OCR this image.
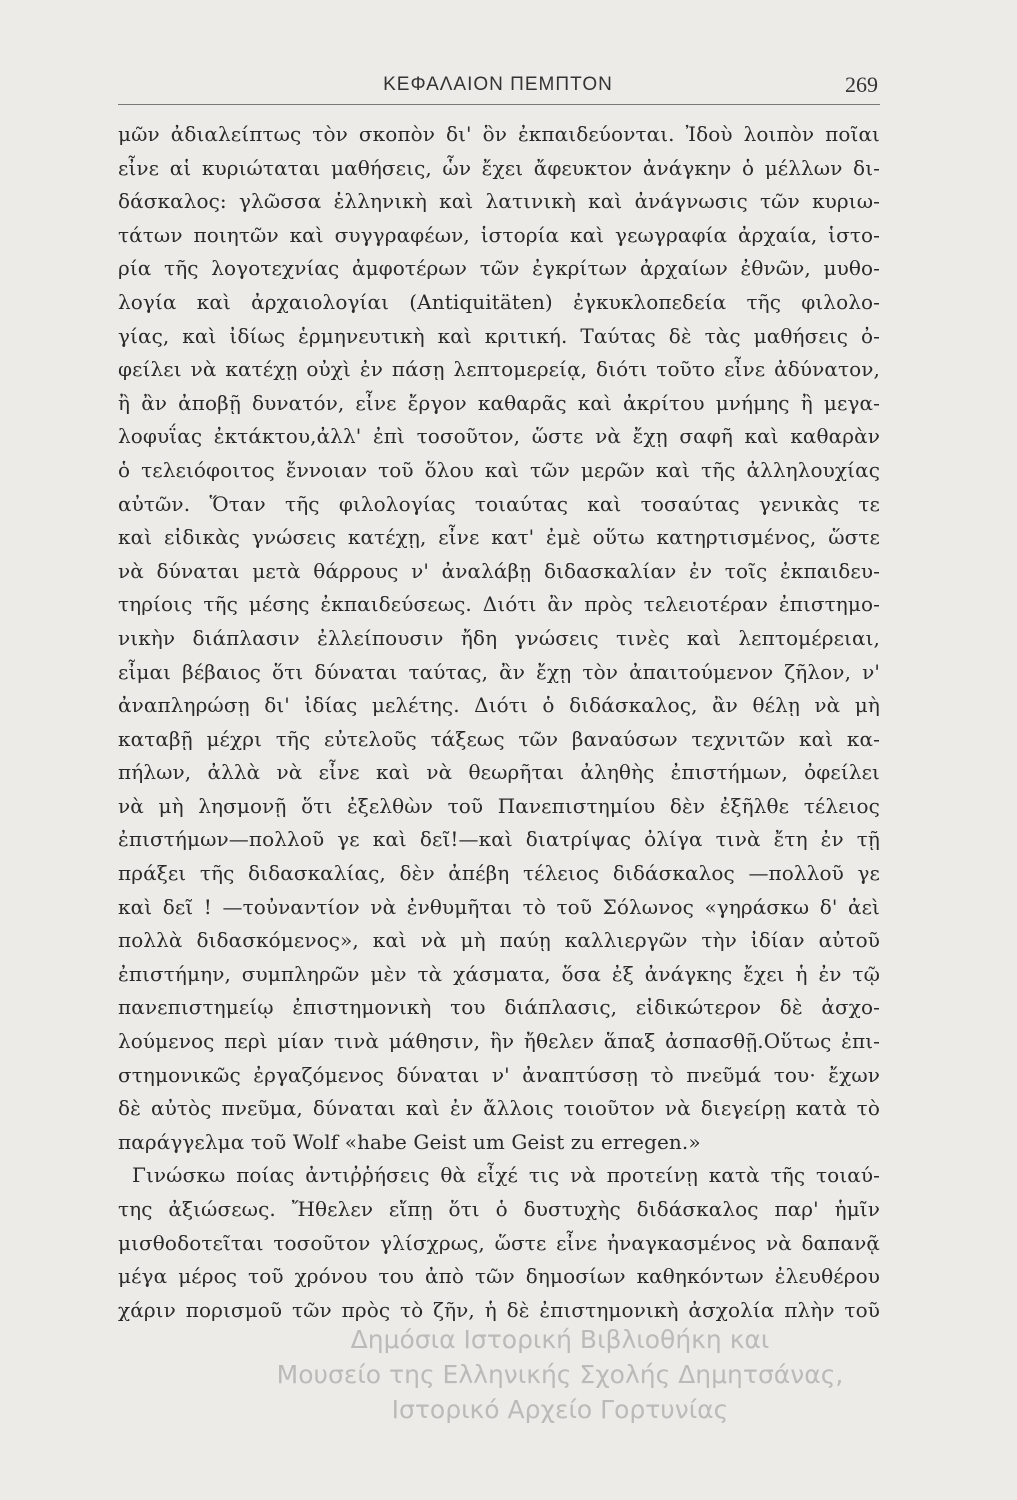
ΚΕΦΑΛΑΙΟΝ ΠΕΜΠΤΟΝ	269
μῶν ἀδιαλείπτως τὸν σκοπὸν δι' ὃν ἐκπαιδεύονται. Ἰδοὺ λοιπὸν ποῖαι
εἶνε αἱ κυριώταται μαθήσεις, ὧν ἔχει ἄφευκτον ἀνάγκην ὁ μέλλων δι-
δάσκαλος: γλῶσσα ἑλληνικὴ καὶ λατινικὴ καὶ ἀνάγνωσις τῶν κυριω-
τάτων ποιητῶν καὶ συγγραφέων, ἱστορία καὶ γεωγραφία ἀρχαία, ἱστο-
ρία τῆς λογοτεχνίας ἀμφοτέρων τῶν ἐγκρίτων ἀρχαίων ἐθνῶν, μυθο-
λογία καὶ ἀρχαιολογίαι (Antiquitäten) ἐγκυκλοπεδεία τῆς φιλολο-
γίας, καὶ ἰδίως ἑρμηνευτικὴ καὶ κριτική. Ταύτας δὲ τὰς μαθήσεις ὀ-
φείλει νὰ κατέχῃ οὐχὶ ἐν πάσῃ λεπτομερείᾳ, διότι τοῦτο εἶνε ἀδύνατον,
ἢ ἂν ἀποβῇ δυνατόν, εἶνε ἔργον καθαρᾶς καὶ ἀκρίτου μνήμης ἢ μεγα-
λοφυΐας ἐκτάκτου,ἀλλ' ἐπὶ τοσοῦτον, ὥστε νὰ ἔχῃ σαφῆ καὶ καθαρὰν
ὁ τελειόφοιτος ἔννοιαν τοῦ ὅλου καὶ τῶν μερῶν καὶ τῆς ἀλληλουχίας
αὐτῶν. Ὅταν τῆς φιλολογίας τοιαύτας καὶ τοσαύτας γενικὰς τε
καὶ εἰδικὰς γνώσεις κατέχῃ, εἶνε κατ' ἐμὲ οὕτω κατηρτισμένος, ὥστε
νὰ δύναται μετὰ θάρρους ν' ἀναλάβῃ διδασκαλίαν ἐν τοῖς ἐκπαιδευ-
τηρίοις τῆς μέσης ἐκπαιδεύσεως. Διότι ἂν πρὸς τελειοτέραν ἐπιστημο-
νικὴν διάπλασιν ἐλλείπουσιν ἤδη γνώσεις τινὲς καὶ λεπτομέρειαι,
εἶμαι βέβαιος ὅτι δύναται ταύτας, ἂν ἔχῃ τὸν ἀπαιτούμενον ζῆλον, ν'
ἀναπληρώσῃ δι' ἰδίας μελέτης. Διότι ὁ διδάσκαλος, ἂν θέλῃ νὰ μὴ
καταβῇ μέχρι τῆς εὐτελοῦς τάξεως τῶν βαναύσων τεχνιτῶν καὶ κα-
πήλων, ἀλλὰ νὰ εἶνε καὶ νὰ θεωρῆται ἀληθὴς ἐπιστήμων, ὀφείλει
νὰ μὴ λησμονῇ ὅτι ἐξελθὼν τοῦ Πανεπιστημίου δὲν ἐξῆλθε τέλειος
ἐπιστήμων—πολλοῦ γε καὶ δεῖ!—καὶ διατρίψας ὀλίγα τινὰ ἔτη ἐν τῇ
πράξει τῆς διδασκαλίας, δὲν ἀπέβη τέλειος διδάσκαλος —πολλοῦ γε
καὶ δεῖ ! —τοὐναντίον νὰ ἐνθυμῆται τὸ τοῦ Σόλωνος «γηράσκω δ' ἀεὶ
πολλὰ διδασκόμενος», καὶ νὰ μὴ παύῃ καλλιεργῶν τὴν ἰδίαν αὐτοῦ
ἐπιστήμην, συμπληρῶν μὲν τὰ χάσματα, ὅσα ἐξ ἀνάγκης ἔχει ἡ ἐν τῷ
πανεπιστημείῳ ἐπιστημονικὴ του διάπλασις, εἰδικώτερον δὲ ἀσχο-
λούμενος περὶ μίαν τινὰ μάθησιν, ἣν ἤθελεν ἅπαξ ἀσπασθῇ.Οὕτως ἐπι-
στημονικῶς ἐργαζόμενος δύναται ν' ἀναπτύσσῃ τὸ πνεῦμά του· ἔχων
δὲ αὐτὸς πνεῦμα, δύναται καὶ ἐν ἄλλοις τοιοῦτον νὰ διεγείρῃ κατὰ τὸ
παράγγελμα τοῦ Wolf «habe Geist um Geist zu erregen.»
Γινώσκω ποίας ἀντιῤῥήσεις θὰ εἶχέ τις νὰ προτείνῃ κατὰ τῆς τοιαύ-
της ἀξιώσεως. Ἤθελεν εἴπῃ ὅτι ὁ δυστυχὴς διδάσκαλος παρ' ἡμῖν
μισθοδοτεῖται τοσοῦτον γλίσχρως, ὥστε εἶνε ἠναγκασμένος νὰ δαπανᾷ
μέγα μέρος τοῦ χρόνου του ἀπὸ τῶν δημοσίων καθηκόντων ἐλευθέρου
χάριν πορισμοῦ τῶν πρὸς τὸ ζῆν, ἡ δὲ ἐπιστημονικὴ ἀσχολία πλὴν τοῦ
Δημόσια Ιστορική Βιβλιοθήκη και
Μουσείο της Ελληνικής Σχολής Δημητσάνας,
Ιστορικό Αρχείο Γορτυνίας
